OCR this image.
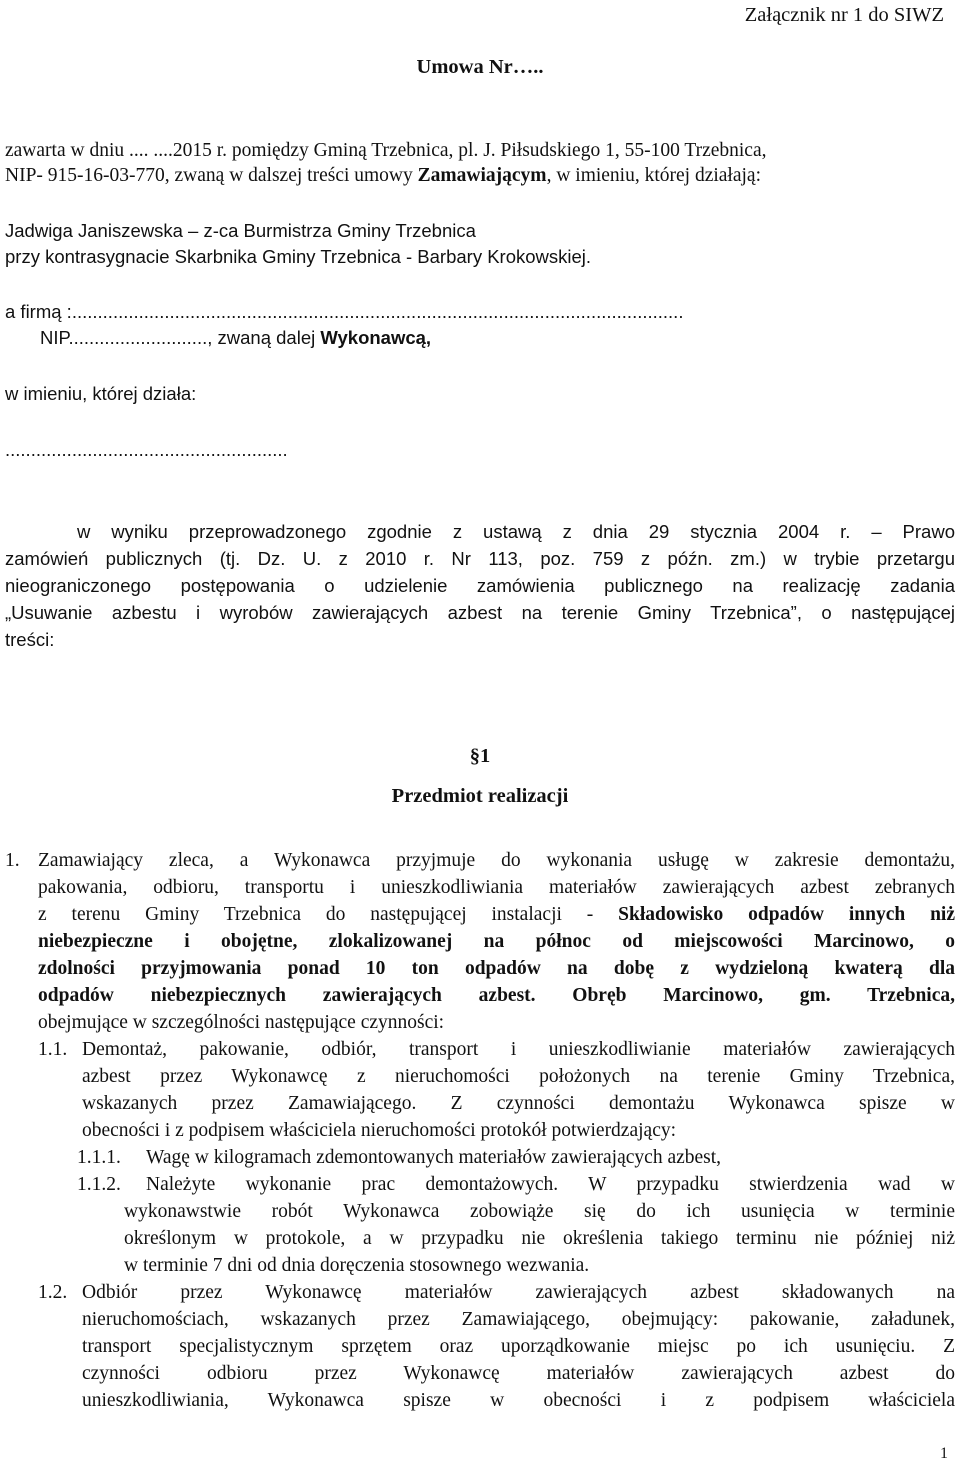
Załącznik nr 1 do SIWZ
Umowa Nr…..
zawarta w dniu .... ....2015 r. pomiędzy Gminą Trzebnica, pl. J. Piłsudskiego 1, 55-100 Trzebnica,
NIP- 915-16-03-770, zwaną w dalszej treści umowy Zamawiającym, w imieniu, której działają:
Jadwiga Janiszewska – z-ca Burmistrza Gminy Trzebnica
przy kontrasygnacie Skarbnika Gminy Trzebnica - Barbary Krokowskiej.
a firmą :.......................................................................................................................
NIP..........................., zwaną dalej Wykonawcą,
w imieniu, której działa:
.......................................................
w wyniku przeprowadzonego zgodnie z ustawą z dnia 29 stycznia 2004 r. – Prawo
zamówień publicznych (tj. Dz. U. z 2010 r. Nr 113, poz. 759 z późn. zm.) w trybie przetargu
nieograniczonego postępowania o udzielenie zamówienia publicznego na realizację zadania
„Usuwanie azbestu i wyrobów zawierających azbest na terenie Gminy Trzebnica”, o następującej
treści:
§1
Przedmiot realizacji
1. Zamawiający zleca, a Wykonawca przyjmuje do wykonania usługę w zakresie demontażu,
pakowania, odbioru, transportu i unieszkodliwiania materiałów zawierających azbest zebranych
z terenu Gminy Trzebnica do następującej instalacji - Składowisko odpadów innych niż
niebezpieczne i obojętne, zlokalizowanej na północ od miejscowości Marcinowo, o
zdolności przyjmowania ponad 10 ton odpadów na dobę z wydzieloną kwaterą dla
odpadów niebezpiecznych zawierających azbest. Obręb Marcinowo, gm. Trzebnica,
obejmujące w szczególności następujące czynności:
1.1. Demontaż, pakowanie, odbiór, transport i unieszkodliwianie materiałów zawierających
azbest przez Wykonawcę z nieruchomości położonych na terenie Gminy Trzebnica,
wskazanych przez Zamawiającego. Z czynności demontażu Wykonawca spisze w
obecności i z podpisem właściciela nieruchomości protokół potwierdzający:
1.1.1. Wagę w kilogramach zdemontowanych materiałów zawierających azbest,
1.1.2. Należyte wykonanie prac demontażowych. W przypadku stwierdzenia wad w
wykonawstwie robót Wykonawca zobowiąże się do ich usunięcia w terminie
określonym w protokole, a w przypadku nie określenia takiego terminu nie później niż
w terminie 7 dni od dnia doręczenia stosownego wezwania.
1.2. Odbiór przez Wykonawcę materiałów zawierających azbest składowanych na
nieruchomościach, wskazanych przez Zamawiającego, obejmujący: pakowanie, załadunek,
transport specjalistycznym sprzętem oraz uporządkowanie miejsc po ich usunięciu. Z
czynności odbioru przez Wykonawcę materiałów zawierających azbest do
unieszkodliwiania, Wykonawca spisze w obecności i z podpisem właściciela
1
